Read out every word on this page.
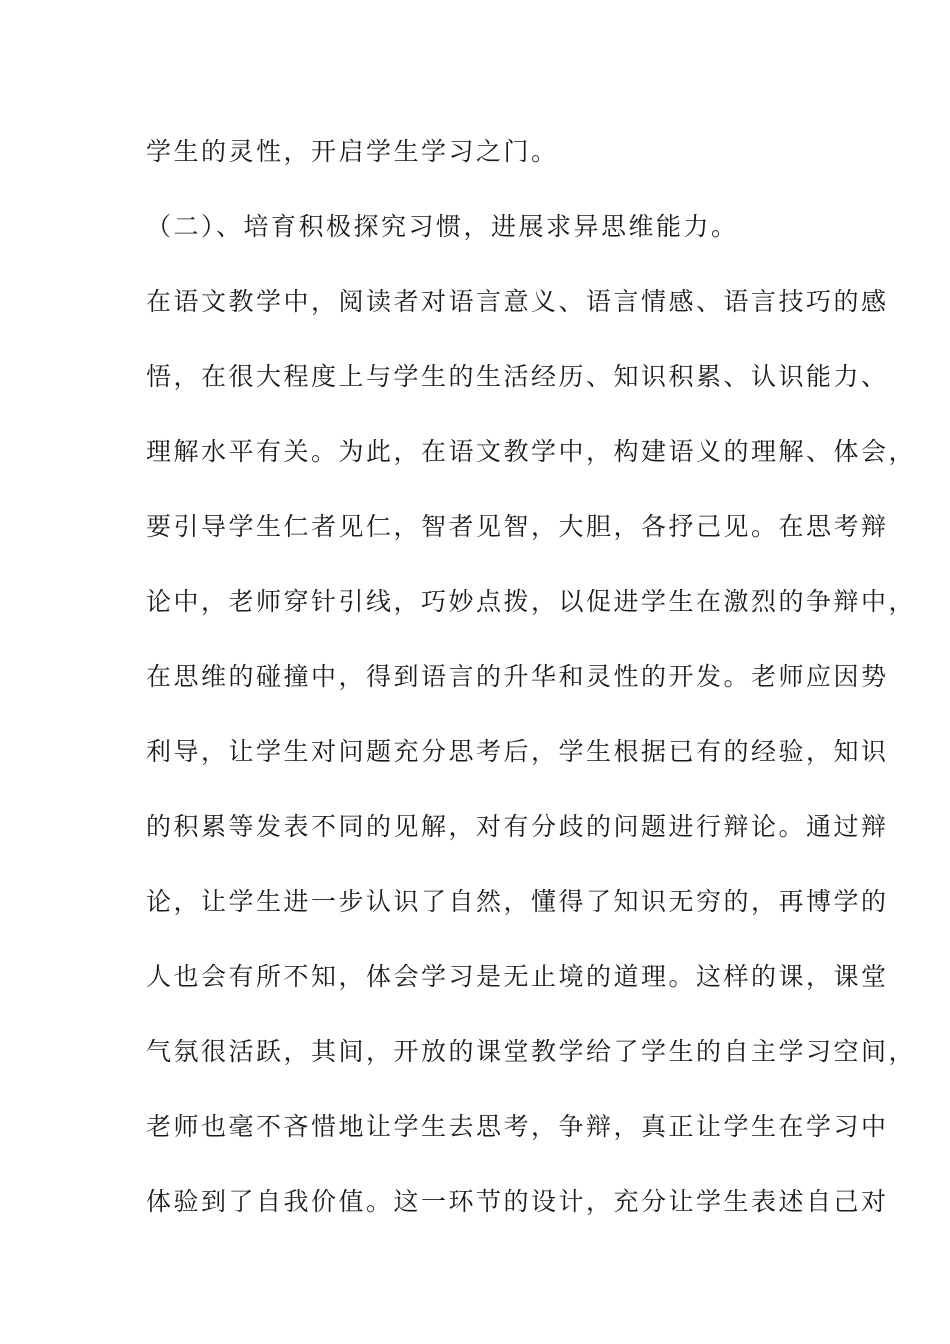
学生的灵性，开启学生学习之门。
（二）、培育积极探究习惯，进展求异思维能力。
在语文教学中，阅读者对语言意义、语言情感、语言技巧的感
悟，在很大程度上与学生的生活经历、知识积累、认识能力、
理解水平有关。为此，在语文教学中，构建语义的理解、体会，
要引导学生仁者见仁，智者见智，大胆，各抒己见。在思考辩
论中，老师穿针引线，巧妙点拨，以促进学生在激烈的争辩中，
在思维的碰撞中，得到语言的升华和灵性的开发。老师应因势
利导，让学生对问题充分思考后，学生根据已有的经验，知识
的积累等发表不同的见解，对有分歧的问题进行辩论。通过辩
论，让学生进一步认识了自然，懂得了知识无穷的，再博学的
人也会有所不知，体会学习是无止境的道理。这样的课，课堂
气氛很活跃，其间，开放的课堂教学给了学生的自主学习空间，
老师也毫不吝惜地让学生去思考，争辩，真正让学生在学习中
体验到了自我价值。这一环节的设计，充分让学生表述自己对
